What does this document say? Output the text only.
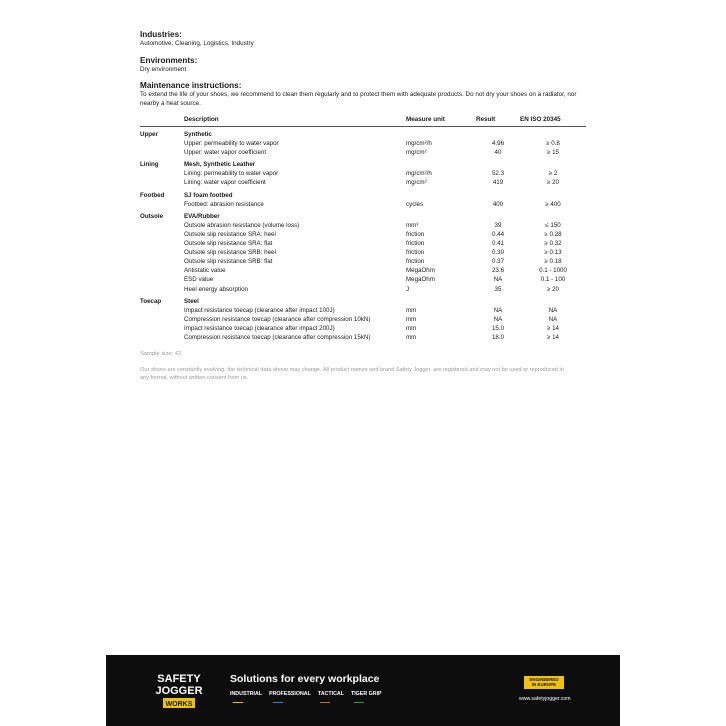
Industries:

Automotive, Cleaning, Logistics, Industry

Environments:

Dry environment

Maintenance instructions:

To extend the life of your shoes, we recommend to clean them regularly and to protect them with adequate products. Do not dry your shoes on a radiator, nor nearby a heat source.

	Description	Measure unit	Result	EN ISO 20345
Upper	Synthetic			
	Upper: permeability to water vapor	mg/cm²/h	4.96	≥ 0.8
	Upper: water vapor coefficient	mg/cm²	40	≥ 15
Lining	Mesh, Synthetic Leather			
	Lining: permeability to water vapor	mg/cm²/h	52.3	≥ 2
	Lining: water vapor coefficient	mg/cm²	419	≥ 20
Footbed	SJ foam footbed			
	Footbed: abrasion resistance	cycles	400	≥ 400
Outsole	EVA/Rubber			
	Outsole abrasion resistance (volume loss)	mm³	39	≤ 150
	Outsole slip resistance SRA: heel	friction	0.44	≥ 0.28
	Outsole slip resistance SRA: flat	friction	0.41	≥ 0.32
	Outsole slip resistance SRB: heel	friction	0.30	≥ 0.13
	Outsole slip resistance SRB: flat	friction	0.37	≥ 0.18
	Antistatic value	MegaOhm	23.6	0.1 - 1000
	ESD value	MegaOhm	NA	0.1 - 100
	Heel energy absorption	J	35	≥ 20
Toecap	Steel			
	Impact resistance toecap (clearance after impact 100J)	mm	NA	NA
	Compression resistance toecap (clearance after compression 10kN)	mm	NA	NA
	Impact resistance toecap (clearance after impact 200J)	mm	15.0	≥ 14
	Compression resistance toecap (clearance after compression 15kN)	mm	18.0	≥ 14
Sample size: 42
Our shoes are constantly evolving, the technical data above may change. All product names and brand Safety Jogger, are registered and may not be used or reproduced in any format, without written consent from us.
SAFETY
JOGGER
WORKS

Solutions for every workplace

INDUSTRIAL PROFESSIONAL TACTICAL TIGER GRIP
ENGINEERED
IN EUROPE
www.safetyjogger.com
